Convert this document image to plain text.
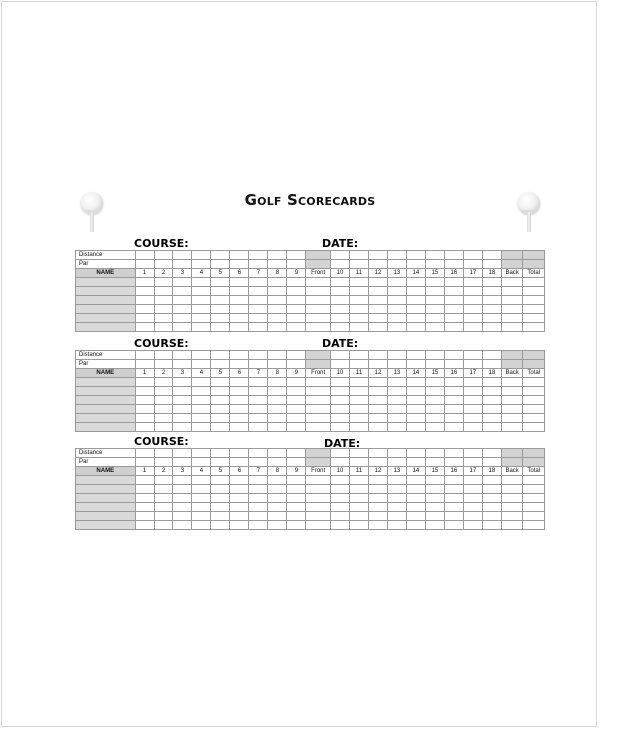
Golf Scorecards
COURSE:	DATE:
Distance																					
Par																					
NAME	1	2	3	4	5	6	7	8	9	Front	10	11	12	13	14	15	16	17	18	Back	Total

COURSE:	DATE:
Distance																					
Par																					
NAME	1	2	3	4	5	6	7	8	9	Front	10	11	12	13	14	15	16	17	18	Back	Total

COURSE:	DATE:
Distance																					
Par																					
NAME	1	2	3	4	5	6	7	8	9	Front	10	11	12	13	14	15	16	17	18	Back	Total
